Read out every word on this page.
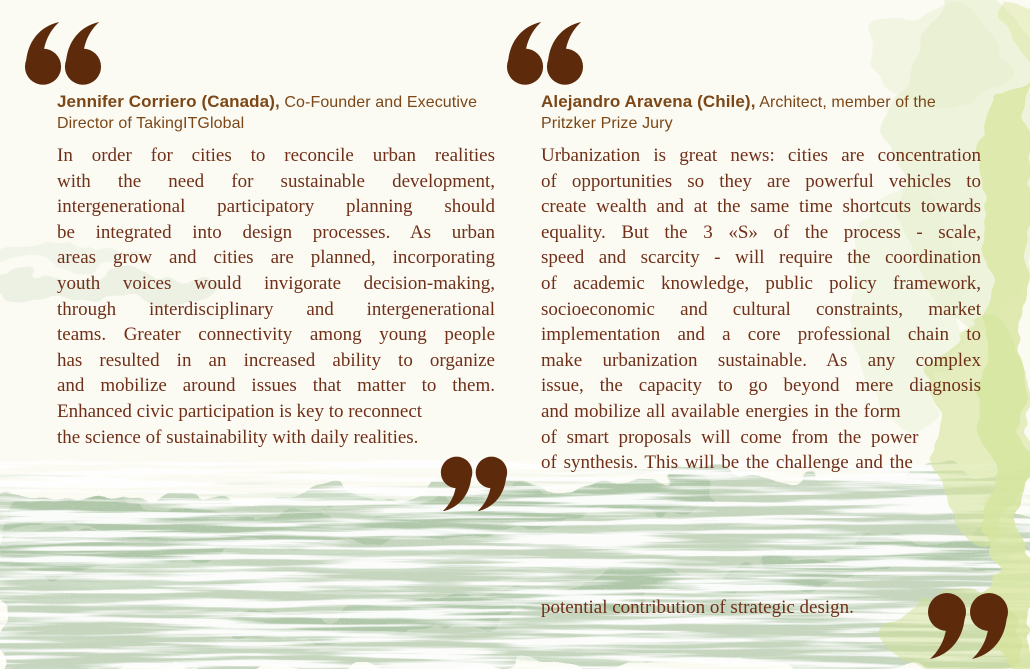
Jennifer Corriero (Canada), Co-Founder and Executive Director of TakingITGlobal
In order for cities to reconcile urban realities
with the need for sustainable development,
intergenerational participatory planning should
be integrated into design processes. As urban
areas grow and cities are planned, incorporating
youth voices would invigorate decision-making,
through interdisciplinary and intergenerational
teams. Greater connectivity among young people
has resulted in an increased ability to organize
and mobilize around issues that matter to them.
Enhanced civic participation is key to reconnect
the science of sustainability with daily realities.
Alejandro Aravena (Chile), Architect, member of the Pritzker Prize Jury
Urbanization is great news: cities are concentration
of opportunities so they are powerful vehicles to
create wealth and at the same time shortcuts towards
equality. But the 3 «S» of the process - scale,
speed and scarcity - will require the coordination
of academic knowledge, public policy framework,
socioeconomic and cultural constraints, market
implementation and a core professional chain to
make urbanization sustainable. As any complex
issue, the capacity to go beyond mere diagnosis
and mobilize all available energies in the form
of smart proposals will come from the power
of synthesis. This will be the challenge and the
potential contribution of strategic design.
